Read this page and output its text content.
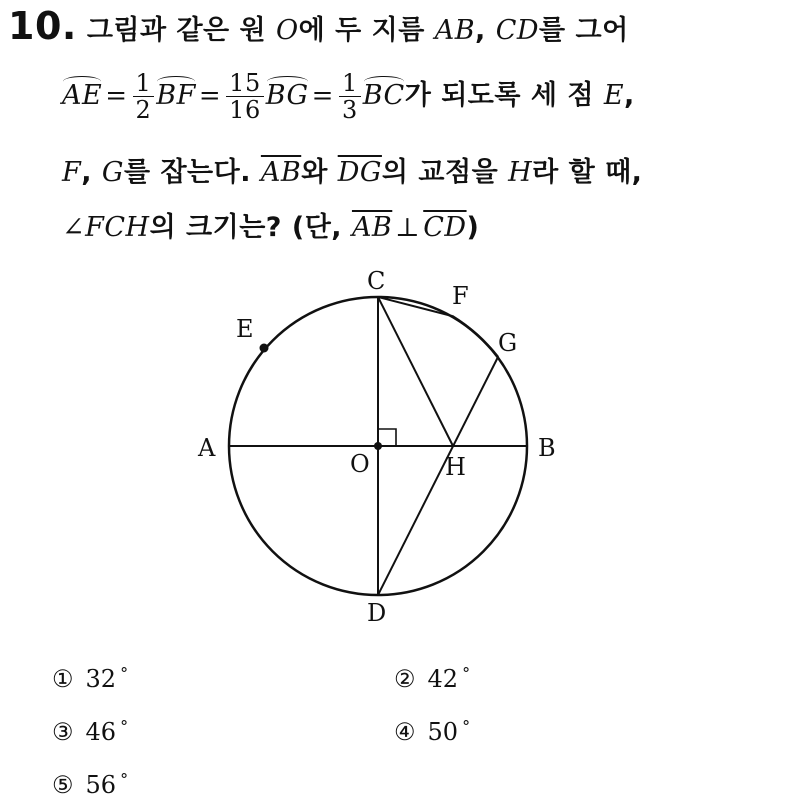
10. 그림과 같은 원 O에 두 지름 AB, CD를 그어
AE = $\frac{1}{2}$ BF = $\frac{15}{16}$ BG = $\frac{1}{3}$ BC가 되도록 세 점 E,
F, G를 잡는다. $\overline{AB}$와 $\overline{DG}$의 교점을 H라 할 때,
∠FCH의 크기는? (단, $\overline{AB}$ ⊥ $\overline{CD}$)
C
F
G
E
A	B
O	H
D
① 32 °	② 42 °
③ 46 °	④ 50 °
⑤ 56 °
